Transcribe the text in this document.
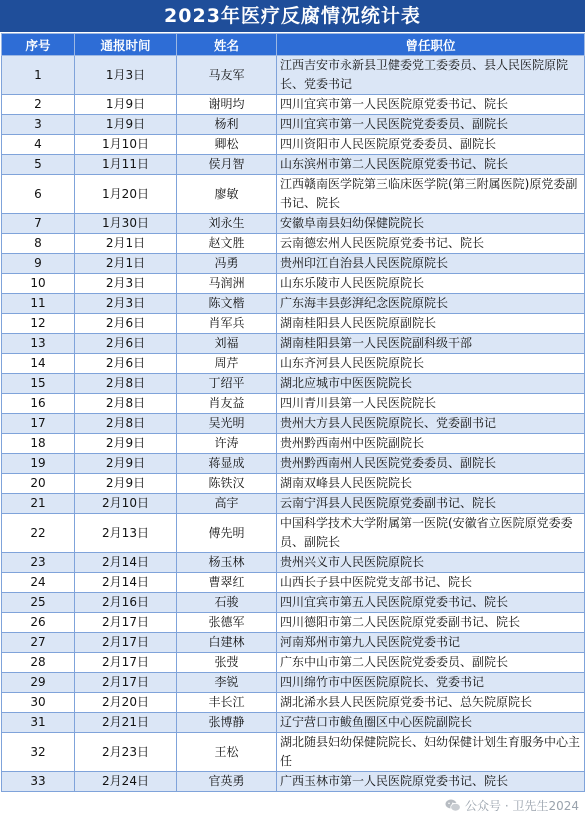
2023年医疗反腐情况统计表
序号	通报时间	姓名	曾任职位
1	1月3日	马友军	江西吉安市永新县卫健委党工委委员、县人民医院原院长、党委书记
2	1月9日	谢明均	四川宜宾市第一人民医院原党委书记、院长
3	1月9日	杨利	四川宜宾市第一人民医院党委委员、副院长
4	1月10日	卿松	四川资阳市人民医院原党委委员、副院长
5	1月11日	侯月智	山东滨州市第二人民医院原党委书记、院长
6	1月20日	廖敏	江西赣南医学院第三临床医学院(第三附属医院)原党委副书记、院长
7	1月30日	刘永生	安徽阜南县妇幼保健院院长
8	2月1日	赵文胜	云南德宏州人民医院原党委书记、院长
9	2月1日	冯勇	贵州印江自治县人民医院原院长
10	2月3日	马润洲	山东乐陵市人民医院原院长
11	2月3日	陈文楷	广东海丰县彭湃纪念医院原院长
12	2月6日	肖军兵	湖南桂阳县人民医院原副院长
13	2月6日	刘福	湖南桂阳县第一人民医院副科级干部
14	2月6日	周芹	山东齐河县人民医院原院长
15	2月8日	丁绍平	湖北应城市中医医院院长
16	2月8日	肖友益	四川青川县第一人民医院院长
17	2月8日	吴光明	贵州大方县人民医院原院长、党委副书记
18	2月9日	许涛	贵州黔西南州中医院副院长
19	2月9日	蒋显成	贵州黔西南州人民医院党委委员、副院长
20	2月9日	陈铁汉	湖南双峰县人民医院院长
21	2月10日	高宇	云南宁洱县人民医院原党委副书记、院长
22	2月13日	傅先明	中国科学技术大学附属第一医院(安徽省立医院原党委委员、副院长
23	2月14日	杨玉林	贵州兴义市人民医院原院长
24	2月14日	曹翠红	山西长子县中医院党支部书记、院长
25	2月16日	石骏	四川宜宾市第五人民医院原党委书记、院长
26	2月17日	张德军	四川德阳市第二人民医院原党委副书记、院长
27	2月17日	白建林	河南郑州市第九人民医院党委书记
28	2月17日	张弢	广东中山市第二人民医院党委委员、副院长
29	2月17日	李锐	四川绵竹市中医医院原院长、党委书记
30	2月20日	丰长江	湖北浠水县人民医院原党委书记、总矢院原院长
31	2月21日	张博静	辽宁营口市鲅鱼圈区中心医院副院长
32	2月23日	王松	湖北随县妇幼保健院院长、妇幼保健计划生育服务中心主任
33	2月24日	官英勇	广西玉林市第一人民医院原党委书记、院长
公众号 · 卫先生2024
